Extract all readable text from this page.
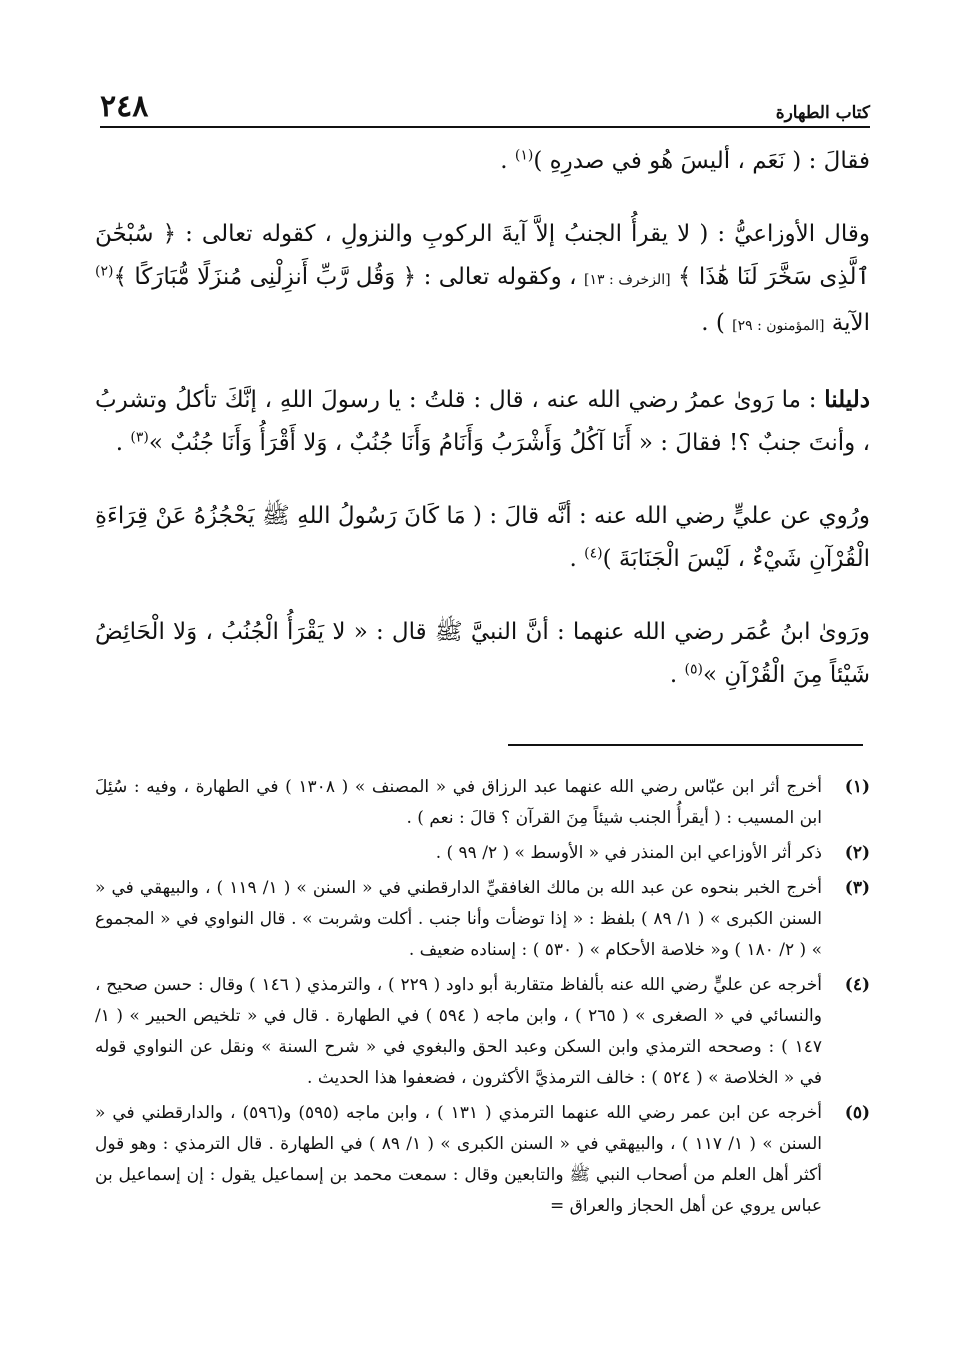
كتاب الطهارة
٢٤٨

فقالَ : ( نَعَم ، أليسَ هُو في صدرِهِ )$^{(١)}$ .

وقال الأوزاعيُّ : ( لا يقرأُ الجنبُ إلاَّ آيةَ الركوبِ والنزولِ ، كقوله تعالى : ﴿ سُبْحَٰنَ ٱلَّذِى سَخَّرَ لَنَا هَٰذَا ﴾ [الزخرف : ١٣] ، وكقوله تعالى : ﴿ وَقُل رَّبِّ أَنزِلْنِى مُنزَلًا مُّبَارَكًا ﴾$^{(٢)}$ الآية [المؤمنون : ٢٩] ) .

دليلنا : ما رَوىٰ عمرُ رضي الله عنه ، قال : قلتُ : يا رسولَ اللهِ ، إنَّكَ تأكلُ وتشربُ ، وأنتَ جنبٌ ؟! فقالَ : « أَنَا آكُلُ وَأَشْرَبُ وَأَنَامُ وَأَنَا جُنُبٌ ، وَلا أَقْرَأُ وَأَنَا جُنُبٌ »$^{(٣)}$ .

ورُوي عن عليٍّ رضي الله عنه : أنَّه قالَ : ( مَا كَانَ رَسُولُ اللهِ ﷺ يَحْجُزُهُ عَنْ قِرَاءَةِ الْقُرْآنِ شَيْءٌ ، لَيْسَ الْجَنَابَةَ )$^{(٤)}$ .

ورَوىٰ ابنُ عُمَر رضي الله عنهما : أنَّ النبيَّ ﷺ قال : « لا يَقْرَأُ الْجُنُبُ ، وَلا الْحَائِضُ شَيْئاً مِنَ الْقُرْآنِ »$^{(٥)}$ .

(١)
أخرج أثر ابن عبّاس رضي الله عنهما عبد الرزاق في « المصنف » ( ١٣٠٨ ) في الطهارة ، وفيه : سُئِلَ ابن المسيب : ( أيقرأُ الجنب شيئاً مِنَ القرآن ؟ قالَ : نعم ) .
(٢)
ذكر أثر الأوزاعي ابن المنذر في « الأوسط » ( ٢/ ٩٩ ) .
(٣)
أخرج الخبر بنحوه عن عبد الله بن مالك الغافقيِّ الدارقطني في « السنن » ( ١/ ١١٩ ) ، والبيهقي في « السنن الكبرى » ( ١/ ٨٩ ) بلفظ : « إذا توضأت وأنا جنب . أكلت وشربت » . قال النواوي في « المجموع » ( ٢/ ١٨٠ ) و« خلاصة الأحكام » ( ٥٣٠ ) : إسناده ضعيف .
(٤)
أخرجه عن عليٍّ رضي الله عنه بألفاظ متقاربة أبو داود ( ٢٢٩ ) ، والترمذي ( ١٤٦ ) وقال : حسن صحيح ، والنسائي في « الصغرى » ( ٢٦٥ ) ، وابن ماجه ( ٥٩٤ ) في الطهارة . قال في « تلخيص الحبير » ( ١/ ١٤٧ ) : وصححه الترمذي وابن السكن وعبد الحق والبغوي في « شرح السنة » ونقل عن النواوي قوله في « الخلاصة » ( ٥٢٤ ) : خالف الترمذيَّ الأكثرون ، فضعفوا هذا الحديث .
(٥)
أخرجه عن ابن عمر رضي الله عنهما الترمذي ( ١٣١ ) ، وابن ماجه (٥٩٥) و(٥٩٦) ، والدارقطني في « السنن » ( ١/ ١١٧ ) ، والبيهقي في « السنن الكبرى » ( ١/ ٨٩ ) في الطهارة . قال الترمذي : وهو قول أكثر أهل العلم من أصحاب النبي ﷺ والتابعين وقال : سمعت محمد بن إسماعيل يقول : إن إسماعيل بن عباس يروي عن أهل الحجاز والعراق =
